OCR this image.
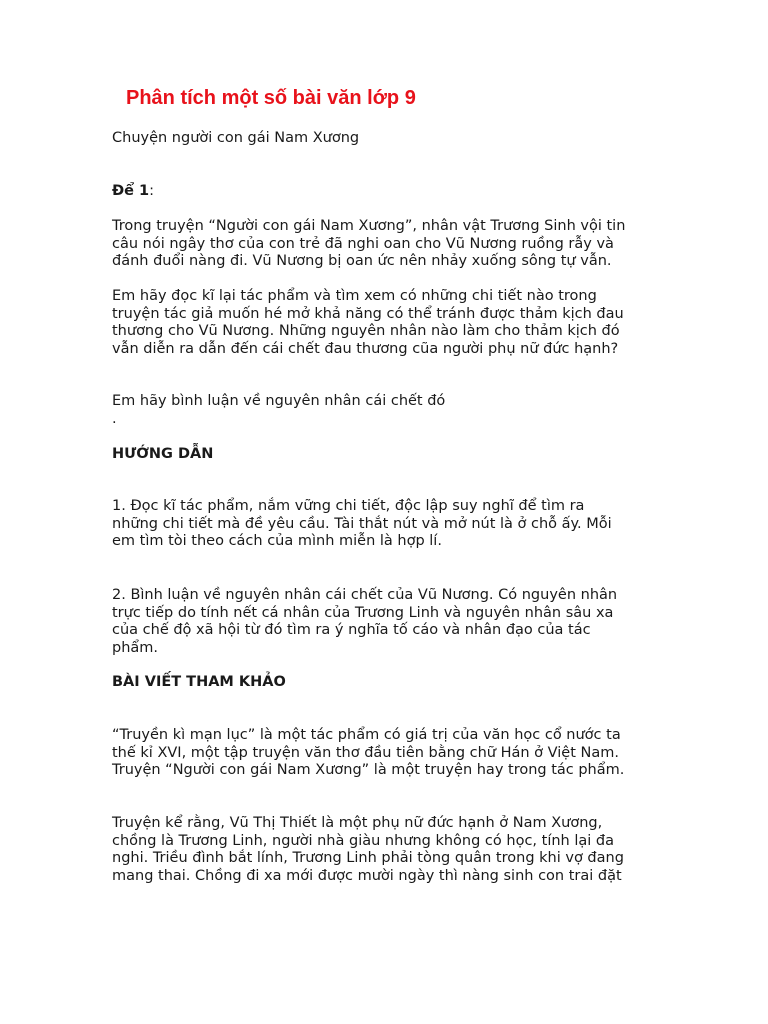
Phân tích một số bài văn lớp 9
Chuyện người con gái Nam Xương
Để 1:
Trong truyện “Người con gái Nam Xương”, nhân vật Trương Sinh vội tin
câu nói ngây thơ của con trẻ đã nghi oan cho Vũ Nương ruồng rẫy và
đánh đuổi nàng đi. Vũ Nương bị oan ức nên nhảy xuống sông tự vẫn.
Em hãy đọc kĩ lại tác phẩm và tìm xem có những chi tiết nào trong
truyện tác giả muốn hé mở khả năng có thể tránh được thảm kịch đau
thương cho Vũ Nương. Những nguyên nhân nào làm cho thảm kịch đó
vẫn diễn ra dẫn đến cái chết đau thương cũa người phụ nữ đức hạnh?
Em hãy bình luận về nguyên nhân cái chết đó
.
HƯỚNG DẪN
1. Đọc kĩ tác phẩm, nắm vững chi tiết, độc lập suy nghĩ để tìm ra
những chi tiết mà đề yêu cầu. Tài thắt nút và mở nút là ở chỗ ấy. Mỗi
em tìm tòi theo cách của mình miễn là hợp lí.
2. Bình luận về nguyên nhân cái chết của Vũ Nương. Có nguyên nhân
trực tiếp do tính nết cá nhân của Trương Linh và nguyên nhân sâu xa
của chế độ xã hội từ đó tìm ra ý nghĩa tố cáo và nhân đạo của tác
phẩm.
BÀI VIẾT THAM KHẢO
“Truyền kì mạn lục” là một tác phẩm có giá trị của văn học cổ nước ta
thế kỉ XVI, một tập truyện văn thơ đầu tiên bằng chữ Hán ở Việt Nam.
Truyện “Người con gái Nam Xương” là một truyện hay trong tác phẩm.
Truyện kể rằng, Vũ Thị Thiết là một phụ nữ đức hạnh ở Nam Xương,
chồng là Trương Linh, người nhà giàu nhưng không có học, tính lại đa
nghi. Triều đình bắt lính, Trương Linh phải tòng quân trong khi vợ đang
mang thai. Chồng đi xa mới được mười ngày thì nàng sinh con trai đặt
